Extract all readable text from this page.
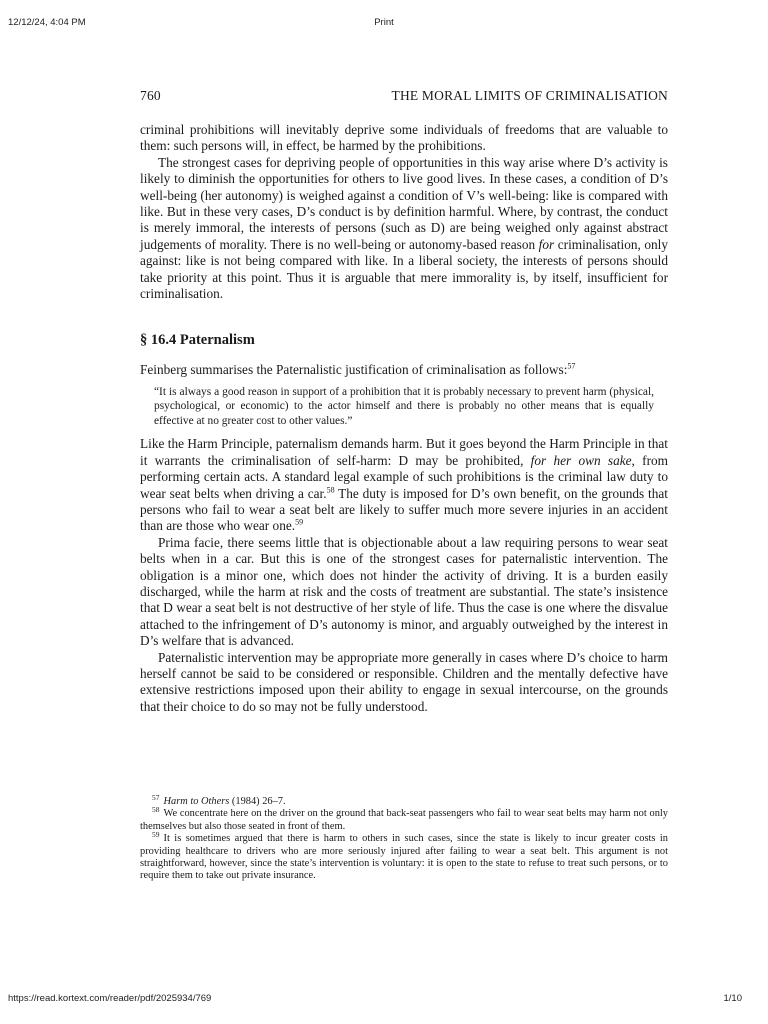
12/12/24, 4:04 PM	Print
760	THE MORAL LIMITS OF CRIMINALISATION

criminal prohibitions will inevitably deprive some individuals of freedoms that are valuable to them: such persons will, in effect, be harmed by the prohibitions.

The strongest cases for depriving people of opportunities in this way arise where D’s activity is likely to diminish the opportunities for others to live good lives. In these cases, a condition of D’s well-being (her autonomy) is weighed against a condition of V’s well-being: like is compared with like. But in these very cases, D’s conduct is by definition harmful. Where, by contrast, the conduct is merely immoral, the interests of persons (such as D) are being weighed only against abstract judgements of morality. There is no well-being or autonomy-based reason for criminalisation, only against: like is not being compared with like. In a liberal society, the interests of persons should take priority at this point. Thus it is arguable that mere immorality is, by itself, insufficient for criminalisation.

§ 16.4 Paternalism

Feinberg summarises the Paternalistic justification of criminalisation as follows:$^{57}$

“It is always a good reason in support of a prohibition that it is probably necessary to prevent harm (physical, psychological, or economic) to the actor himself and there is probably no other means that is equally effective at no greater cost to other values.”

Like the Harm Principle, paternalism demands harm. But it goes beyond the Harm Principle in that it warrants the criminalisation of self-harm: D may be prohibited, for her own sake, from performing certain acts. A standard legal example of such prohibitions is the criminal law duty to wear seat belts when driving a car.$^{58}$ The duty is imposed for D’s own benefit, on the grounds that persons who fail to wear a seat belt are likely to suffer much more severe injuries in an accident than are those who wear one.$^{59}$

Prima facie, there seems little that is objectionable about a law requiring persons to wear seat belts when in a car. But this is one of the strongest cases for paternalistic intervention. The obligation is a minor one, which does not hinder the activity of driving. It is a burden easily discharged, while the harm at risk and the costs of treatment are substantial. The state’s insistence that D wear a seat belt is not destructive of her style of life. Thus the case is one where the disvalue attached to the infringement of D’s autonomy is minor, and arguably outweighed by the interest in D’s welfare that is advanced.

Paternalistic intervention may be appropriate more generally in cases where D’s choice to harm herself cannot be said to be considered or responsible. Children and the mentally defective have extensive restrictions imposed upon their ability to engage in sexual intercourse, on the grounds that their choice to do so may not be fully understood.

$^{57}$ Harm to Others (1984) 26–7.

$^{58}$ We concentrate here on the driver on the ground that back-seat passengers who fail to wear seat belts may harm not only themselves but also those seated in front of them.

$^{59}$ It is sometimes argued that there is harm to others in such cases, since the state is likely to incur greater costs in providing healthcare to drivers who are more seriously injured after failing to wear a seat belt. This argument is not straightforward, however, since the state’s intervention is voluntary: it is open to the state to refuse to treat such persons, or to require them to take out private insurance.

https://read.kortext.com/reader/pdf/2025934/769	1/10
